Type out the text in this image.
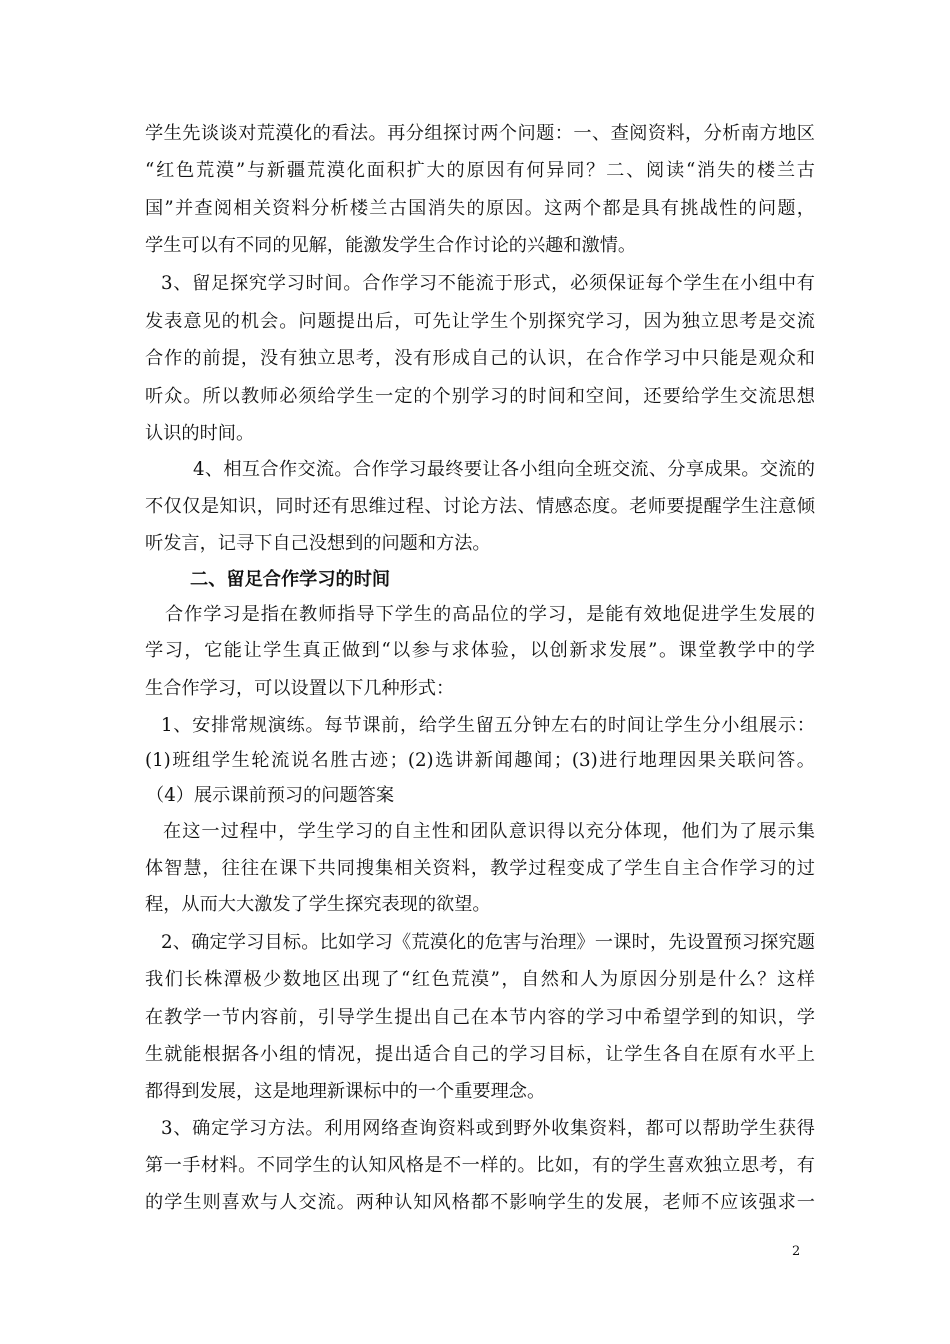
学生先谈谈对荒漠化的看法。再分组探讨两个问题：一、查阅资料，分析南方地区
“红色荒漠”与新疆荒漠化面积扩大的原因有何异同？二、阅读“消失的楼兰古
国”并查阅相关资料分析楼兰古国消失的原因。这两个都是具有挑战性的问题，
学生可以有不同的见解，能激发学生合作讨论的兴趣和激情。
3、留足探究学习时间。合作学习不能流于形式，必须保证每个学生在小组中有
发表意见的机会。问题提出后，可先让学生个别探究学习，因为独立思考是交流
合作的前提，没有独立思考，没有形成自己的认识，在合作学习中只能是观众和
听众。所以教师必须给学生一定的个别学习的时间和空间，还要给学生交流思想
认识的时间。
4、相互合作交流。合作学习最终要让各小组向全班交流、分享成果。交流的
不仅仅是知识，同时还有思维过程、讨论方法、情感态度。老师要提醒学生注意倾
听发言，记寻下自己没想到的问题和方法。
二、留足合作学习的时间
合作学习是指在教师指导下学生的高品位的学习，是能有效地促进学生发展的
学习，它能让学生真正做到“以参与求体验，以创新求发展”。课堂教学中的学
生合作学习，可以设置以下几种形式：
1、安排常规演练。每节课前，给学生留五分钟左右的时间让学生分小组展示：
(1)班组学生轮流说名胜古迹；(2)选讲新闻趣闻；(3)进行地理因果关联问答。
（4）展示课前预习的问题答案
在这一过程中，学生学习的自主性和团队意识得以充分体现，他们为了展示集
体智慧，往往在课下共同搜集相关资料，教学过程变成了学生自主合作学习的过
程，从而大大激发了学生探究表现的欲望。
2、确定学习目标。比如学习《荒漠化的危害与治理》一课时，先设置预习探究题
我们长株潭极少数地区出现了“红色荒漠”，自然和人为原因分别是什么？这样
在教学一节内容前，引导学生提出自己在本节内容的学习中希望学到的知识，学
生就能根据各小组的情况，提出适合自己的学习目标，让学生各自在原有水平上
都得到发展，这是地理新课标中的一个重要理念。
3、确定学习方法。利用网络查询资料或到野外收集资料，都可以帮助学生获得
第一手材料。不同学生的认知风格是不一样的。比如，有的学生喜欢独立思考，有
的学生则喜欢与人交流。两种认知风格都不影响学生的发展，老师不应该强求一
2
